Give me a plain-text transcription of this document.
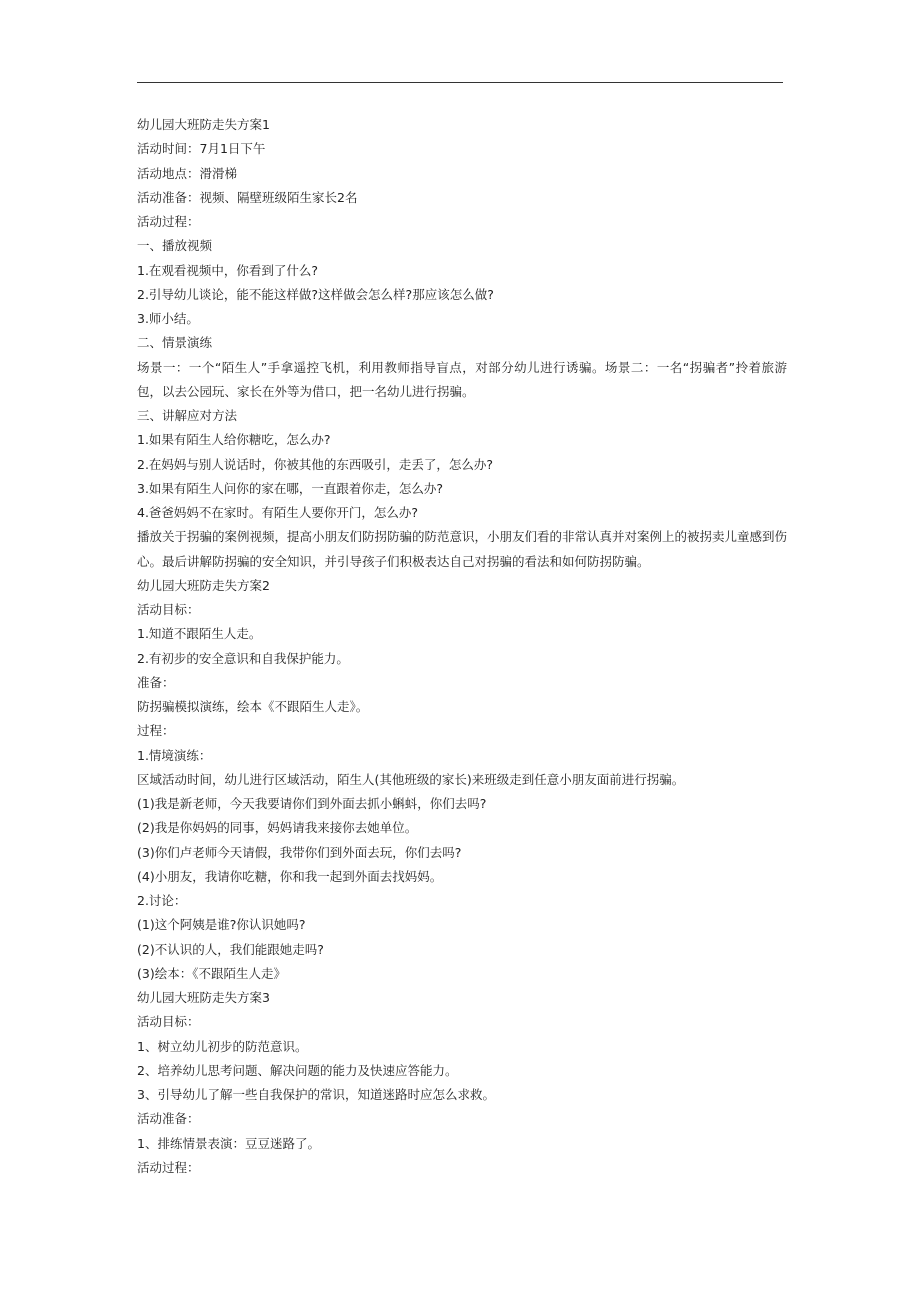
幼儿园大班防走失方案1

活动时间：7月1日下午

活动地点：滑滑梯

活动准备：视频、隔壁班级陌生家长2名

活动过程：

一、播放视频

1.在观看视频中，你看到了什么?

2.引导幼儿谈论，能不能这样做?这样做会怎么样?那应该怎么做?

3.师小结。

二、情景演练

场景一：一个“陌生人”手拿遥控飞机，利用教师指导盲点，对部分幼儿进行诱骗。场景二：一名“拐骗者”拎着旅游包，以去公园玩、家长在外等为借口，把一名幼儿进行拐骗。

三、讲解应对方法

1.如果有陌生人给你糖吃，怎么办?

2.在妈妈与别人说话时，你被其他的东西吸引，走丢了，怎么办?

3.如果有陌生人问你的家在哪，一直跟着你走，怎么办?

4.爸爸妈妈不在家时。有陌生人要你开门，怎么办?

播放关于拐骗的案例视频，提高小朋友们防拐防骗的防范意识，小朋友们看的非常认真并对案例上的被拐卖儿童感到伤心。最后讲解防拐骗的安全知识，并引导孩子们积极表达自己对拐骗的看法和如何防拐防骗。

幼儿园大班防走失方案2

活动目标：

1.知道不跟陌生人走。

2.有初步的安全意识和自我保护能力。

准备：

防拐骗模拟演练，绘本《不跟陌生人走》。

过程：

1.情境演练：

区域活动时间，幼儿进行区域活动，陌生人(其他班级的家长)来班级走到任意小朋友面前进行拐骗。

(1)我是新老师，今天我要请你们到外面去抓小蝌蚪，你们去吗?

(2)我是你妈妈的同事，妈妈请我来接你去她单位。

(3)你们卢老师今天请假，我带你们到外面去玩，你们去吗?

(4)小朋友，我请你吃糖，你和我一起到外面去找妈妈。

2.讨论：

(1)这个阿姨是谁?你认识她吗?

(2)不认识的人，我们能跟她走吗?

(3)绘本：《不跟陌生人走》

幼儿园大班防走失方案3

活动目标：

1、树立幼儿初步的防范意识。

2、培养幼儿思考问题、解决问题的能力及快速应答能力。

3、引导幼儿了解一些自我保护的常识，知道迷路时应怎么求救。

活动准备：

1、排练情景表演：豆豆迷路了。

活动过程：
